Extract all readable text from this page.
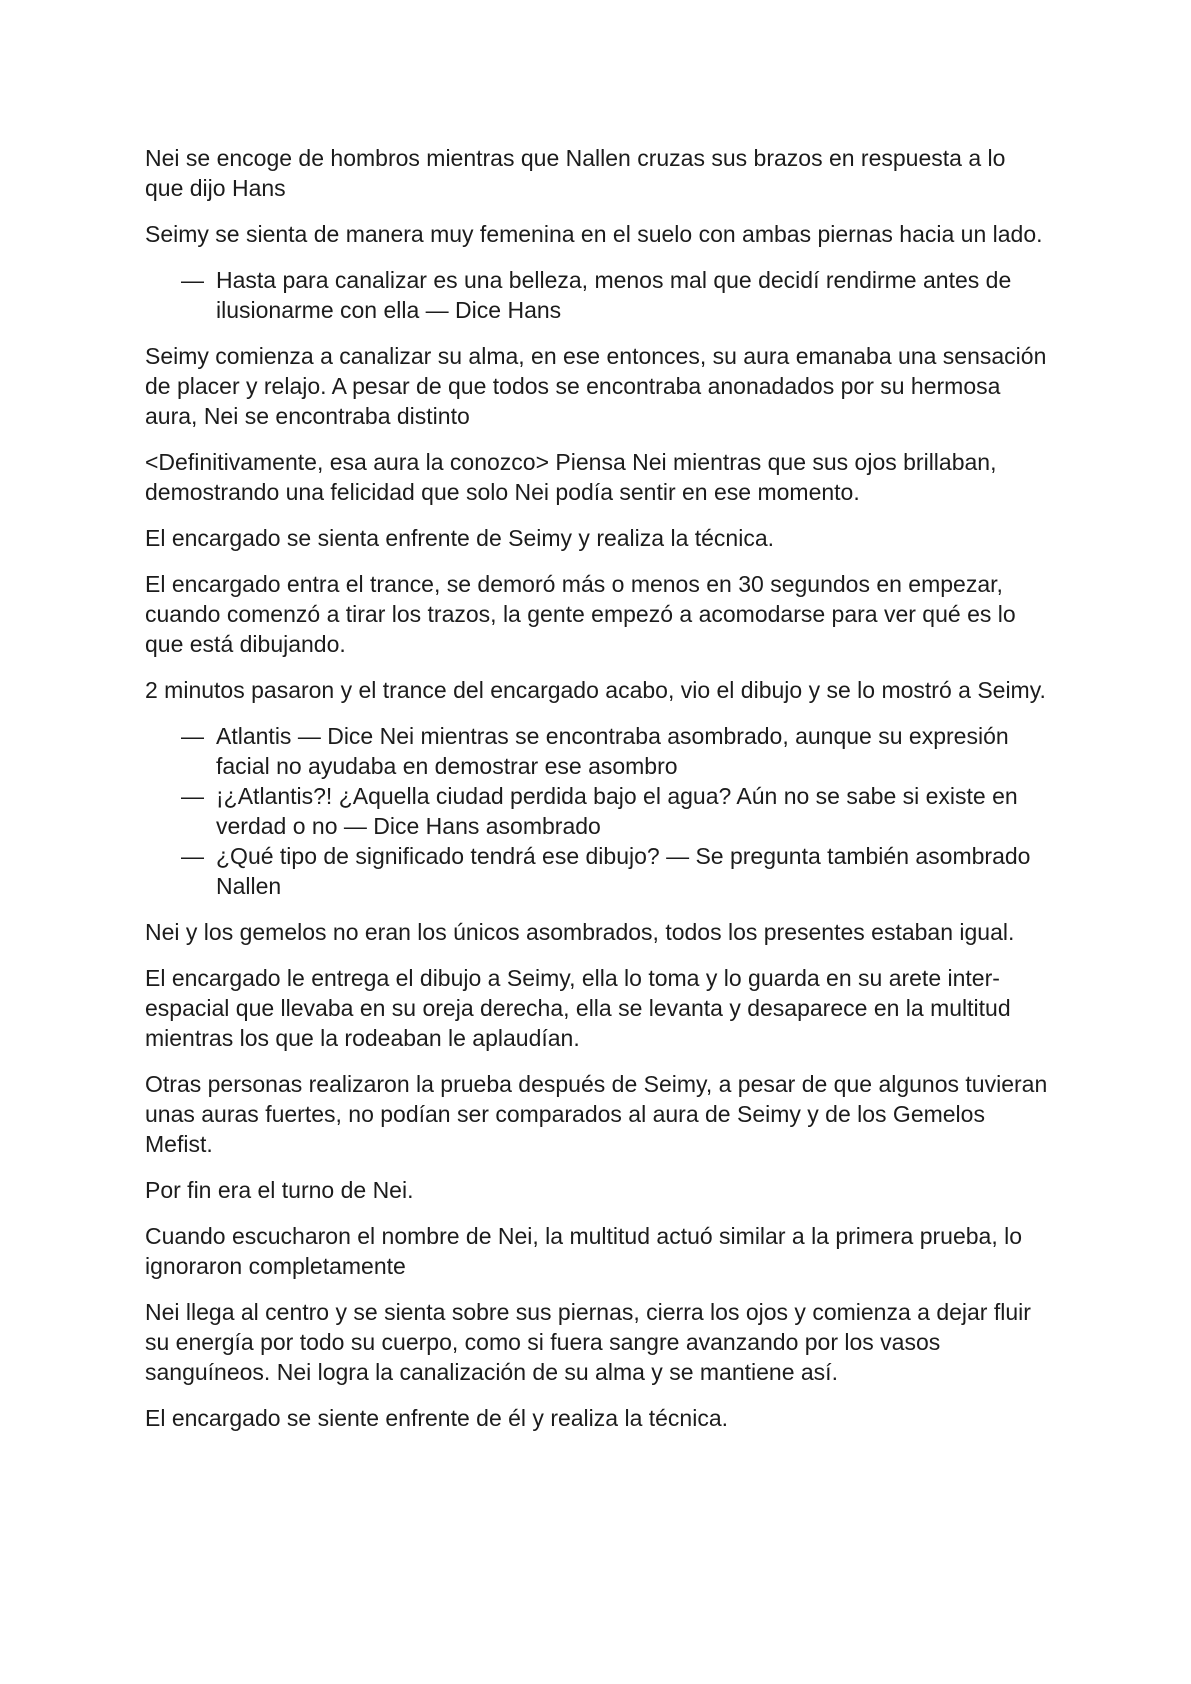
Nei se encoge de hombros mientras que Nallen cruzas sus brazos en respuesta a lo que dijo Hans

Seimy se sienta de manera muy femenina en el suelo con ambas piernas hacia un lado.

— Hasta para canalizar es una belleza, menos mal que decidí rendirme antes de ilusionarme con ella — Dice Hans

Seimy comienza a canalizar su alma, en ese entonces, su aura emanaba una sensación de placer y relajo. A pesar de que todos se encontraba anonadados por su hermosa aura, Nei se encontraba distinto

<Definitivamente, esa aura la conozco> Piensa Nei mientras que sus ojos brillaban, demostrando una felicidad que solo Nei podía sentir en ese momento.

El encargado se sienta enfrente de Seimy y realiza la técnica.

El encargado entra el trance, se demoró más o menos en 30 segundos en empezar, cuando comenzó a tirar los trazos, la gente empezó a acomodarse para ver qué es lo que está dibujando.

2 minutos pasaron y el trance del encargado acabo, vio el dibujo y se lo mostró a Seimy.

— Atlantis — Dice Nei mientras se encontraba asombrado, aunque su expresión facial no ayudaba en demostrar ese asombro
— ¡¿Atlantis?! ¿Aquella ciudad perdida bajo el agua? Aún no se sabe si existe en verdad o no — Dice Hans asombrado
— ¿Qué tipo de significado tendrá ese dibujo? — Se pregunta también asombrado Nallen

Nei y los gemelos no eran los únicos asombrados, todos los presentes estaban igual.

El encargado le entrega el dibujo a Seimy, ella lo toma y lo guarda en su arete inter-espacial que llevaba en su oreja derecha, ella se levanta y desaparece en la multitud mientras los que la rodeaban le aplaudían.

Otras personas realizaron la prueba después de Seimy, a pesar de que algunos tuvieran unas auras fuertes, no podían ser comparados al aura de Seimy y de los Gemelos Mefist.

Por fin era el turno de Nei.

Cuando escucharon el nombre de Nei, la multitud actuó similar a la primera prueba, lo ignoraron completamente

Nei llega al centro y se sienta sobre sus piernas, cierra los ojos y comienza a dejar fluir su energía por todo su cuerpo, como si fuera sangre avanzando por los vasos sanguíneos. Nei logra la canalización de su alma y se mantiene así.

El encargado se siente enfrente de él y realiza la técnica.
